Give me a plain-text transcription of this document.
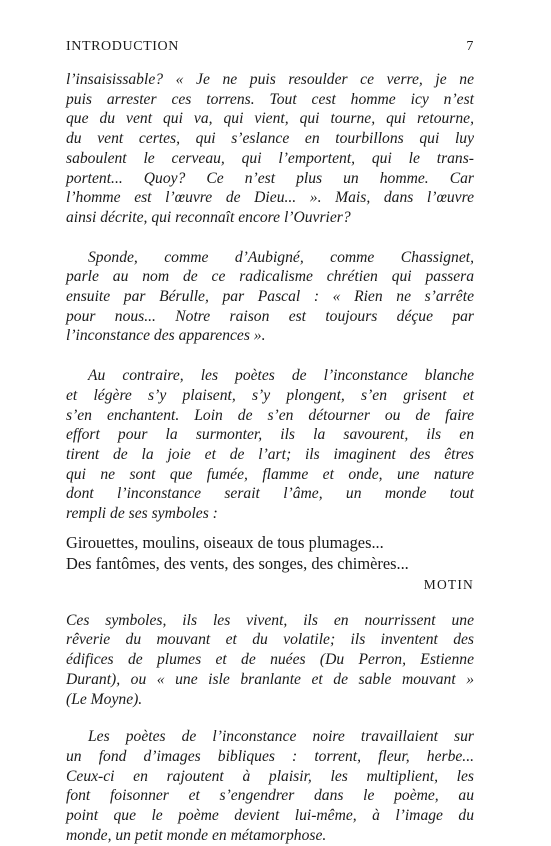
INTRODUCTION	7

l’insaisissable? « Je ne puis resoulder ce verre, je ne
puis arrester ces torrens. Tout cest homme icy n’est
que du vent qui va, qui vient, qui tourne, qui retourne,
du vent certes, qui s’eslance en tourbillons qui luy
saboulent le cerveau, qui l’emportent, qui le trans-
portent... Quoy? Ce n’est plus un homme. Car
l’homme est l’œuvre de Dieu... ». Mais, dans l’œuvre
ainsi décrite, qui reconnaît encore l’Ouvrier?

Sponde, comme d’Aubigné, comme Chassignet,
parle au nom de ce radicalisme chrétien qui passera
ensuite par Bérulle, par Pascal : « Rien ne s’arrête
pour nous... Notre raison est toujours déçue par
l’inconstance des apparences ».

Au contraire, les poètes de l’inconstance blanche
et légère s’y plaisent, s’y plongent, s’en grisent et
s’en enchantent. Loin de s’en détourner ou de faire
effort pour la surmonter, ils la savourent, ils en
tirent de la joie et de l’art; ils imaginent des êtres
qui ne sont que fumée, flamme et onde, une nature
dont l’inconstance serait l’âme, un monde tout
rempli de ses symboles :

Girouettes, moulins, oiseaux de tous plumages...

Des fantômes, des vents, des songes, des chimères...

MOTIN

Ces symboles, ils les vivent, ils en nourrissent une
rêverie du mouvant et du volatile; ils inventent des
édifices de plumes et de nuées (Du Perron, Estienne
Durant), ou « une isle branlante et de sable mouvant »
(Le Moyne).

Les poètes de l’inconstance noire travaillaient sur
un fond d’images bibliques : torrent, fleur, herbe...
Ceux-ci en rajoutent à plaisir, les multiplient, les
font foisonner et s’engendrer dans le poème, au
point que le poème devient lui-même, à l’image du
monde, un petit monde en métamorphose.
